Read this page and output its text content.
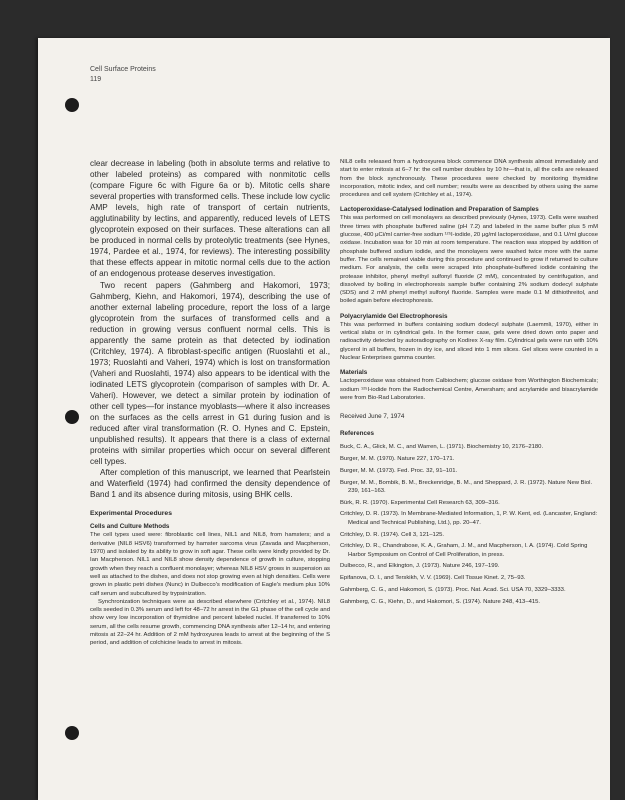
Cell Surface Proteins
119

clear decrease in labeling (both in absolute terms and relative to other labeled proteins) as compared with nonmitotic cells (compare Figure 6c with Figure 6a or b). Mitotic cells share several properties with transformed cells. These include low cyclic AMP levels, high rate of transport of certain nutrients, agglutinability by lectins, and apparently, reduced levels of LETS glycoprotein exposed on their surfaces. These alterations can all be produced in normal cells by proteolytic treatments (see Hynes, 1974, Pardee et al., 1974, for reviews). The interesting possibility that these effects appear in mitotic normal cells due to the action of an endogenous protease deserves investigation.

Two recent papers (Gahmberg and Hakomori, 1973; Gahmberg, Kiehn, and Hakomori, 1974), describing the use of another external labeling procedure, report the loss of a large glycoprotein from the surfaces of transformed cells and a reduction in growing versus confluent normal cells. This is apparently the same protein as that detected by iodination (Critchley, 1974). A fibroblast-specific antigen (Ruoslahti et al., 1973; Ruoslahti and Vaheri, 1974) which is lost on transformation (Vaheri and Ruoslahti, 1974) also appears to be identical with the iodinated LETS glycoprotein (comparison of samples with Dr. A. Vaheri). However, we detect a similar protein by iodination of other cell types—for instance myoblasts—where it also increases on the surfaces as the cells arrest in G1 during fusion and is reduced after viral transformation (R. O. Hynes and C. Epstein, unpublished results). It appears that there is a class of external proteins with similar properties which occur on several different cell types.

After completion of this manuscript, we learned that Pearlstein and Waterfield (1974) had confirmed the density dependence of Band 1 and its absence during mitosis, using BHK cells.

Experimental Procedures
Cells and Culture Methods

The cell types used were: fibroblastic cell lines, NIL1 and NIL8, from hamsters; and a derivative (NIL8 HSV6) transformed by hamster sarcoma virus (Zavada and Macpherson, 1970) and isolated by its ability to grow in soft agar. These cells were kindly provided by Dr. Ian Macpherson. NIL1 and NIL8 show density dependence of growth in culture, stopping growth when they reach a confluent monolayer; whereas NIL8 HSV grows in suspension as well as attached to the dishes, and does not stop growing even at high densities. Cells were grown in plastic petri dishes (Nunc) in Dulbecco's modification of Eagle's medium plus 10% calf serum and subcultured by trypsinization.

Synchronization techniques were as described elsewhere (Critchley et al., 1974). NIL8 cells seeded in 0.3% serum and left for 48–72 hr arrest in the G1 phase of the cell cycle and show very low incorporation of thymidine and percent labeled nuclei. If transferred to 10% serum, all the cells resume growth, commencing DNA synthesis after 12–14 hr, and entering mitosis at 22–24 hr. Addition of 2 mM hydroxyurea leads to arrest at the beginning of the S period, and addition of colchicine leads to arrest in mitosis.

NIL8 cells released from a hydroxyurea block commence DNA synthesis almost immediately and start to enter mitosis at 6–7 hr: the cell number doubles by 10 hr—that is, all the cells are released from the block synchronously. These procedures were checked by monitoring thymidine incorporation, mitotic index, and cell number; results were as described by others using the same procedures and cell system (Critchley et al., 1974).

Lactoperoxidase-Catalysed Iodination and Preparation of Samples

This was performed on cell monolayers as described previously (Hynes, 1973). Cells were washed three times with phosphate buffered saline (pH 7.2) and labeled in the same buffer plus 5 mM glucose, 400 μCi/ml carrier-free sodium ¹²⁵I-iodide, 20 μg/ml lactoperoxidase, and 0.1 U/ml glucose oxidase. Incubation was for 10 min at room temperature. The reaction was stopped by addition of phosphate buffered sodium iodide, and the monolayers were washed twice more with the same buffer. The cells remained viable during this procedure and continued to grow if returned to culture medium. For analysis, the cells were scraped into phosphate-buffered iodide containing the protease inhibitor, phenyl methyl sulfonyl fluoride (2 mM), concentrated by centrifugation, and dissolved by boiling in electrophoresis sample buffer containing 2% sodium dodecyl sulphate (SDS) and 2 mM phenyl methyl sulfonyl fluoride. Samples were made 0.1 M dithiothreitol, and boiled again before electrophoresis.

Polyacrylamide Gel Electrophoresis

This was performed in buffers containing sodium dodecyl sulphate (Laemmli, 1970), either in vertical slabs or in cylindrical gels. In the former case, gels were dried down onto paper and radioactivity detected by autoradiography on Kodirex X-ray film. Cylindrical gels were run with 10% glycerol in all buffers, frozen in dry ice, and sliced into 1 mm slices. Gel slices were counted in a Nuclear Enterprises gamma counter.

Materials

Lactoperoxidase was obtained from Calbiochem; glucose oxidase from Worthington Biochemicals; sodium ¹²⁵I-iodide from the Radiochemical Centre, Amersham; and acrylamide and bisacrylamide were from Bio-Rad Laboratories.

Received June 7, 1974
References

Buck, C. A., Glick, M. C., and Warren, L. (1971). Biochemistry 10, 2176–2180.

Burger, M. M. (1970). Nature 227, 170–171.

Burger, M. M. (1973). Fed. Proc. 32, 91–101.

Burger, M. M., Bombik, B. M., Breckenridge, B. M., and Sheppard, J. R. (1972). Nature New Biol. 239, 161–163.

Bürk, R. R. (1970). Experimental Cell Research 63, 309–316.

Critchley, D. R. (1973). In Membrane-Mediated Information, 1, P. W. Kent, ed. (Lancaster, England: Medical and Technical Publishing, Ltd.), pp. 20–47.

Critchley, D. R. (1974). Cell 3, 121–125.

Critchley, D. R., Chandrabose, K. A., Graham, J. M., and Macpherson, I. A. (1974). Cold Spring Harbor Symposium on Control of Cell Proliferation, in press.

Dulbecco, R., and Elkington, J. (1973). Nature 246, 197–199.

Epifanova, O. I., and Terskikh, V. V. (1969). Cell Tissue Kinet. 2, 75–93.

Gahmberg, C. G., and Hakomori, S. (1973). Proc. Nat. Acad. Sci. USA 70, 3329–3333.

Gahmberg, C. G., Kiehn, D., and Hakomori, S. (1974). Nature 248, 413–415.
